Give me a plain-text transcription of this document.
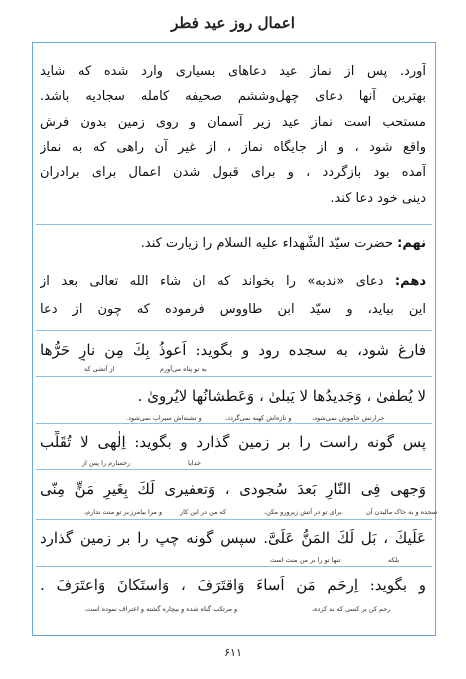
اعمال روز عید فطر
آورد. پس از نماز عید دعاهای بسیاری وارد شده که شاید
بهترین آنها دعای چهل‌وششم صحیفه کامله سجادیه باشد.
مستحب است نماز عید زیر آسمان و روی زمین بدون فرش
واقع شود ، و از جایگاه نماز ، از غیر آن راهی که به نماز
آمده بود بازگردد ، و برای قبول شدن اعمال برای برادران
دینی خود دعا کند.
نهم: حضرت سیّد الشّهداء علیه السلام را زیارت کند.
دهم: دعای «ندبه» را بخواند که ان شاء الله تعالی بعد از
این بیاید، و سیّد ابن طاووس فرموده که چون از دعا
فارغ شود، به سجده رود و بگوید: اَعوذُ بِكَ مِن نارٍ حَرُّها
از آتشی که	به تو پناه می‌آورم
لا يُطفیٰ ، وَجَديدُها لا يَبلیٰ ، وَعَطشانُها لايُرویٰ .
حرارتش خاموش نمی‌شود،
و تازه‌اش کهنه نمی‌گردد،
و تشنه‌اش سیراب نمی‌شود.
پس گونه راست را بر زمین گذارد و بگوید: اِلٰهی لا تُقَلِّب
خدایا
رخسارم را پس از
وَجهی فِی النّارِ بَعدَ سُجودی ، وَتعفیری لَكَ بِغَیرِ مَنٍّ مِنّی
سجده و به خاک مالیدن آن
برای تو در آتش زیرورو مکن،
که من در این کار
و مرا بیامرز
بر تو منت ندارم،
عَلَیكَ ، بَل لَكَ المَنُّ عَلَیَّ. سپس گونه چپ را بر زمین گذارد
بلکه
تنها تو را بر من منت است
و بگوید: اِرحَم مَن اَساءَ وَاقتَرَفَ ، وَاستَکانَ وَاعتَرَفَ .
رحم کن بر کسی که بد کرده،
و مرتکب گناه شده و بیچاره گشته و اعتراف نموده است.
۶۱۱
